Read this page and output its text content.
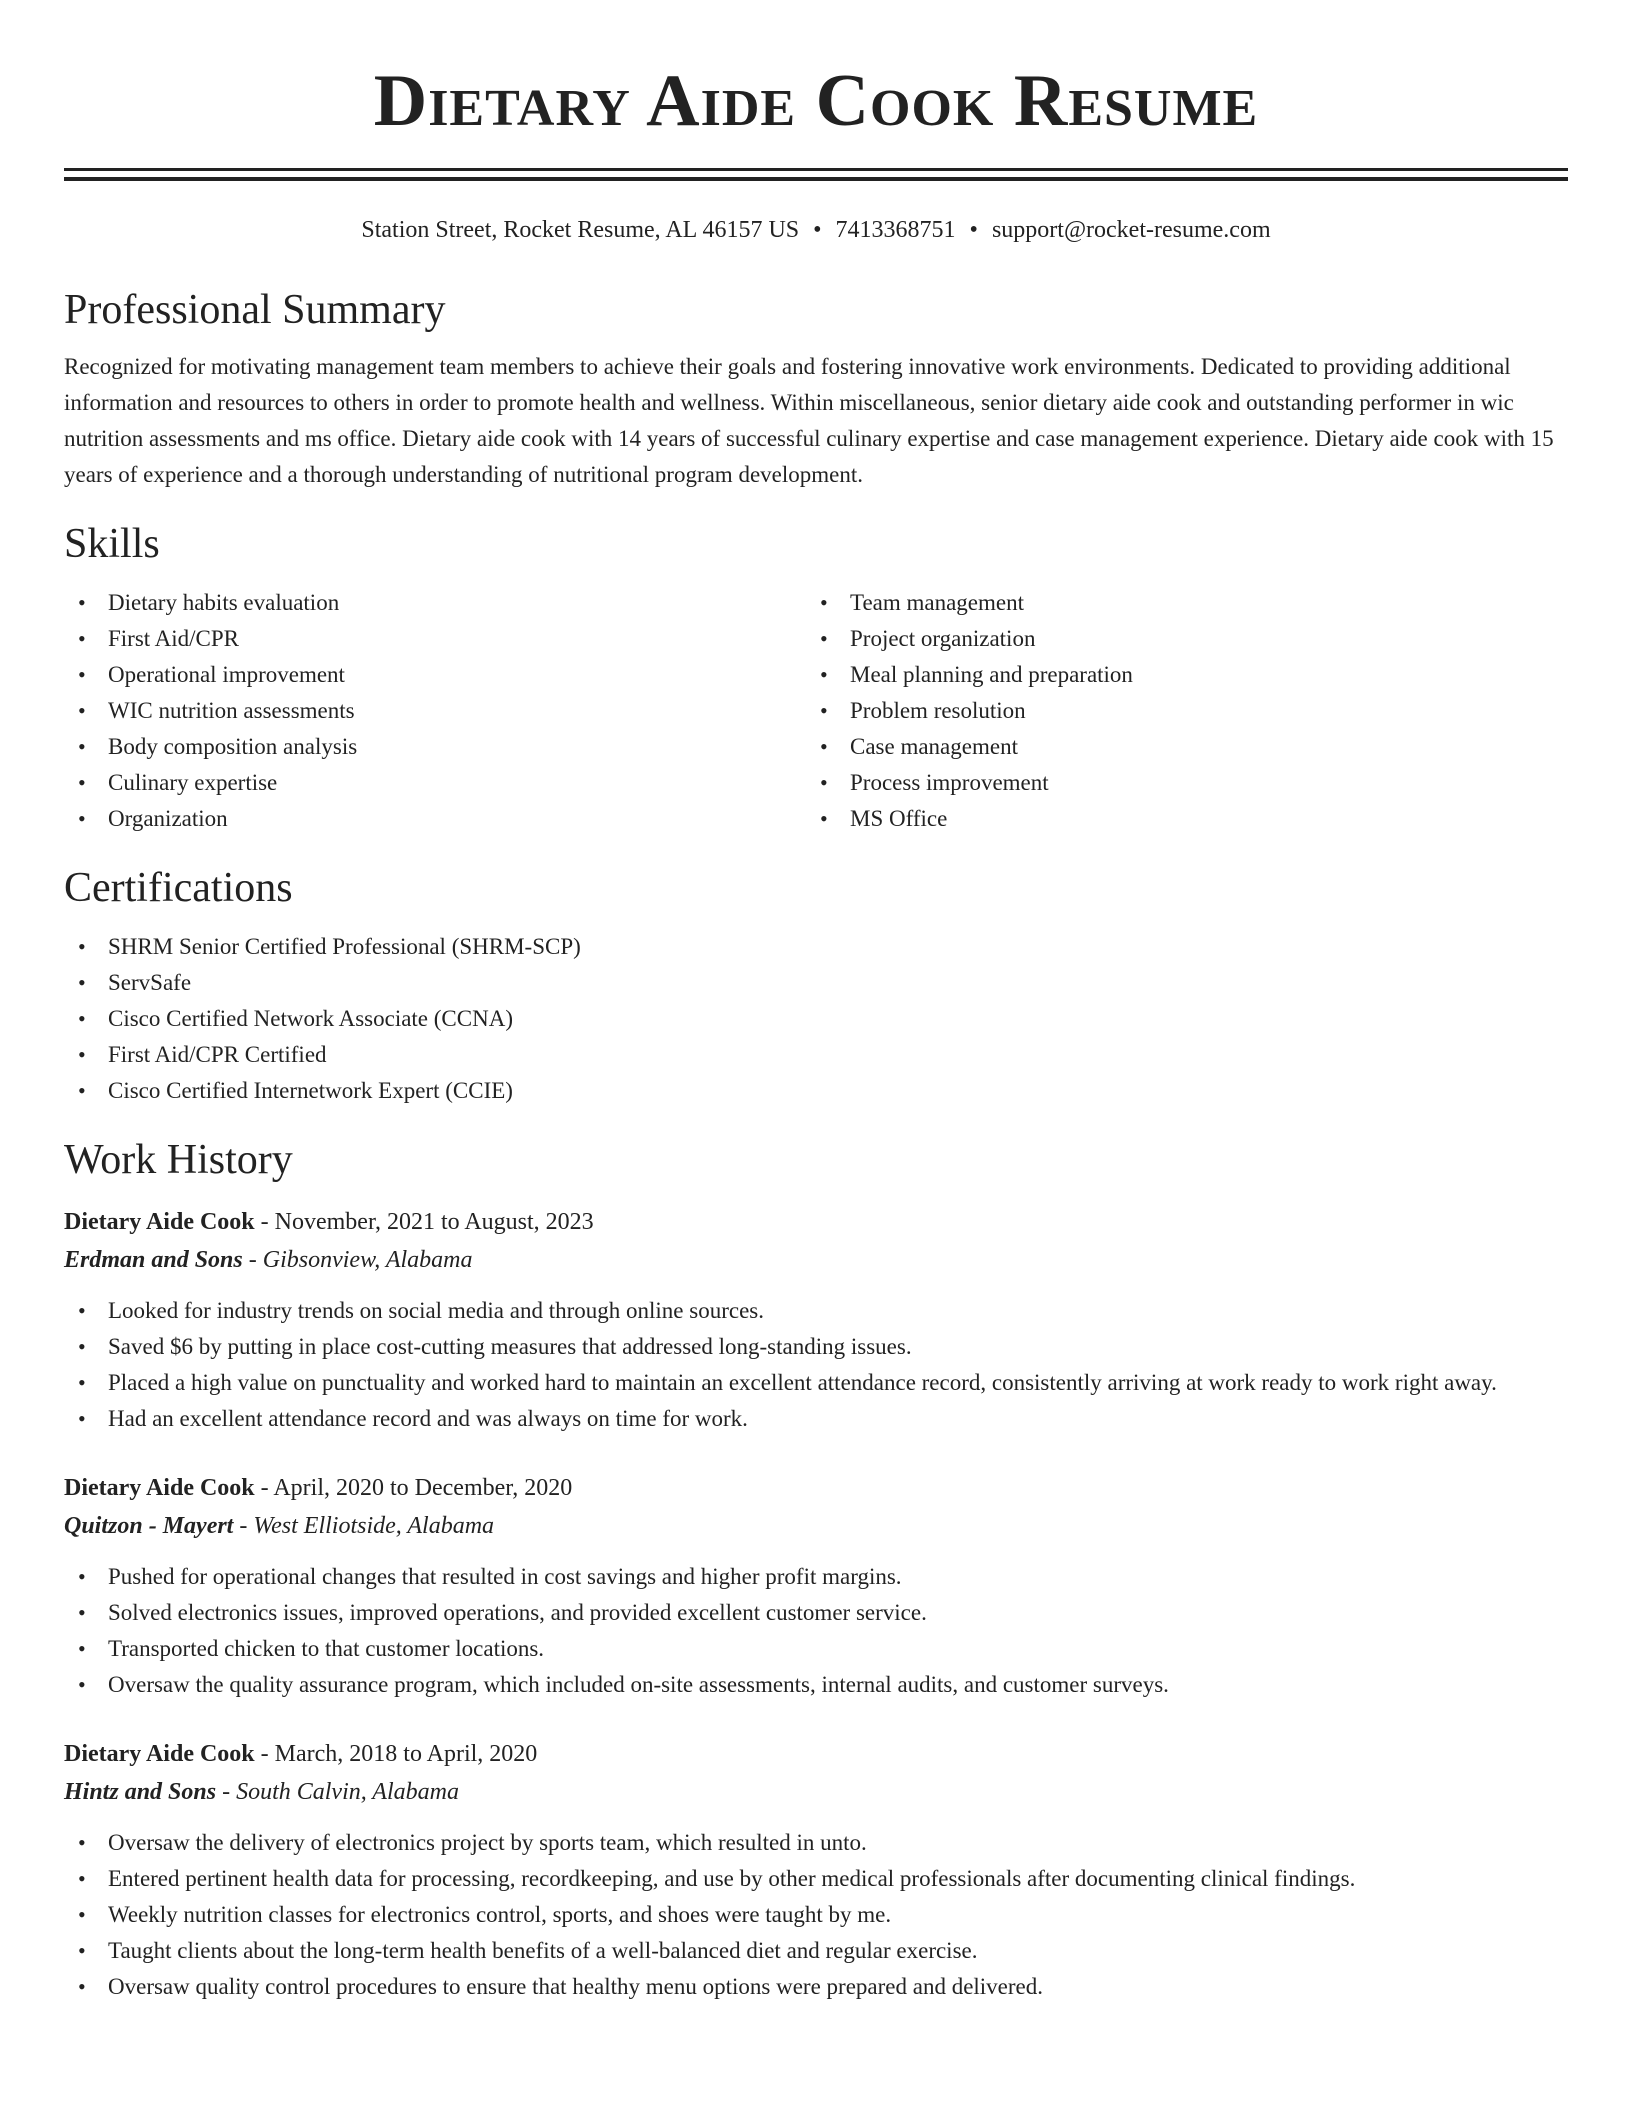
Dietary Aide Cook Resume
Station Street, Rocket Resume, AL 46157 US • 7413368751 • support@rocket-resume.com
Professional Summary

Recognized for motivating management team members to achieve their goals and fostering innovative work environments. Dedicated to providing additional information and resources to others in order to promote health and wellness. Within miscellaneous, senior dietary aide cook and outstanding performer in wic nutrition assessments and ms office. Dietary aide cook with 14 years of successful culinary expertise and case management experience. Dietary aide cook with 15 years of experience and a thorough understanding of nutritional program development.

Skills
• Dietary habits evaluation
• First Aid/CPR
• Operational improvement
• WIC nutrition assessments
• Body composition analysis
• Culinary expertise
• Organization
• Team management
• Project organization
• Meal planning and preparation
• Problem resolution
• Case management
• Process improvement
• MS Office
Certifications
• SHRM Senior Certified Professional (SHRM-SCP)
• ServSafe
• Cisco Certified Network Associate (CCNA)
• First Aid/CPR Certified
• Cisco Certified Internetwork Expert (CCIE)
Work History
Dietary Aide Cook - November, 2021 to August, 2023
Erdman and Sons - Gibsonview, Alabama
• Looked for industry trends on social media and through online sources.
• Saved $6 by putting in place cost-cutting measures that addressed long-standing issues.
• Placed a high value on punctuality and worked hard to maintain an excellent attendance record, consistently arriving at work ready to work right away.
• Had an excellent attendance record and was always on time for work.
Dietary Aide Cook - April, 2020 to December, 2020
Quitzon - Mayert - West Elliotside, Alabama
• Pushed for operational changes that resulted in cost savings and higher profit margins.
• Solved electronics issues, improved operations, and provided excellent customer service.
• Transported chicken to that customer locations.
• Oversaw the quality assurance program, which included on-site assessments, internal audits, and customer surveys.
Dietary Aide Cook - March, 2018 to April, 2020
Hintz and Sons - South Calvin, Alabama
• Oversaw the delivery of electronics project by sports team, which resulted in unto.
• Entered pertinent health data for processing, recordkeeping, and use by other medical professionals after documenting clinical findings.
• Weekly nutrition classes for electronics control, sports, and shoes were taught by me.
• Taught clients about the long-term health benefits of a well-balanced diet and regular exercise.
• Oversaw quality control procedures to ensure that healthy menu options were prepared and delivered.
